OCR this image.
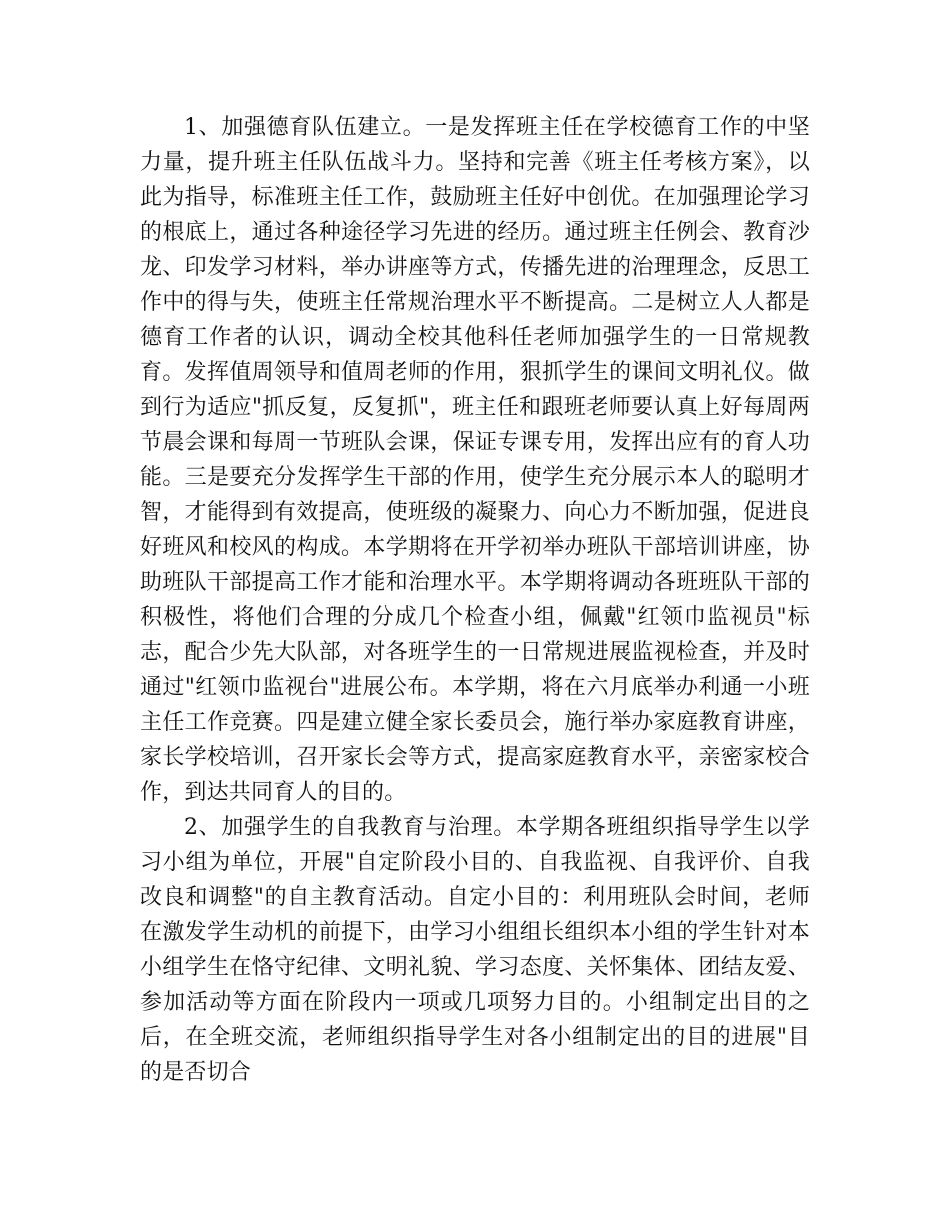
1、加强德育队伍建立。一是发挥班主任在学校德育工作的中坚力量，提升班主任队伍战斗力。坚持和完善《班主任考核方案》，以此为指导，标准班主任工作，鼓励班主任好中创优。在加强理论学习的根底上，通过各种途径学习先进的经历。通过班主任例会、教育沙龙、印发学习材料，举办讲座等方式，传播先进的治理理念，反思工作中的得与失，使班主任常规治理水平不断提高。二是树立人人都是德育工作者的认识，调动全校其他科任老师加强学生的一日常规教育。发挥值周领导和值周老师的作用，狠抓学生的课间文明礼仪。做到行为适应"抓反复，反复抓"，班主任和跟班老师要认真上好每周两节晨会课和每周一节班队会课，保证专课专用，发挥出应有的育人功能。三是要充分发挥学生干部的作用，使学生充分展示本人的聪明才智，才能得到有效提高，使班级的凝聚力、向心力不断加强，促进良好班风和校风的构成。本学期将在开学初举办班队干部培训讲座，协助班队干部提高工作才能和治理水平。本学期将调动各班班队干部的积极性，将他们合理的分成几个检查小组，佩戴"红领巾监视员"标志，配合少先大队部，对各班学生的一日常规进展监视检查，并及时通过"红领巾监视台"进展公布。本学期，将在六月底举办利通一小班主任工作竞赛。四是建立健全家长委员会，施行举办家庭教育讲座，家长学校培训，召开家长会等方式，提高家庭教育水平，亲密家校合作，到达共同育人的目的。

2、加强学生的自我教育与治理。本学期各班组织指导学生以学习小组为单位，开展"自定阶段小目的、自我监视、自我评价、自我改良和调整"的自主教育活动。自定小目的：利用班队会时间，老师在激发学生动机的前提下，由学习小组组长组织本小组的学生针对本小组学生在恪守纪律、文明礼貌、学习态度、关怀集体、团结友爱、参加活动等方面在阶段内一项或几项努力目的。小组制定出目的之后，在全班交流，老师组织指导学生对各小组制定出的目的进展"目的是否切合
